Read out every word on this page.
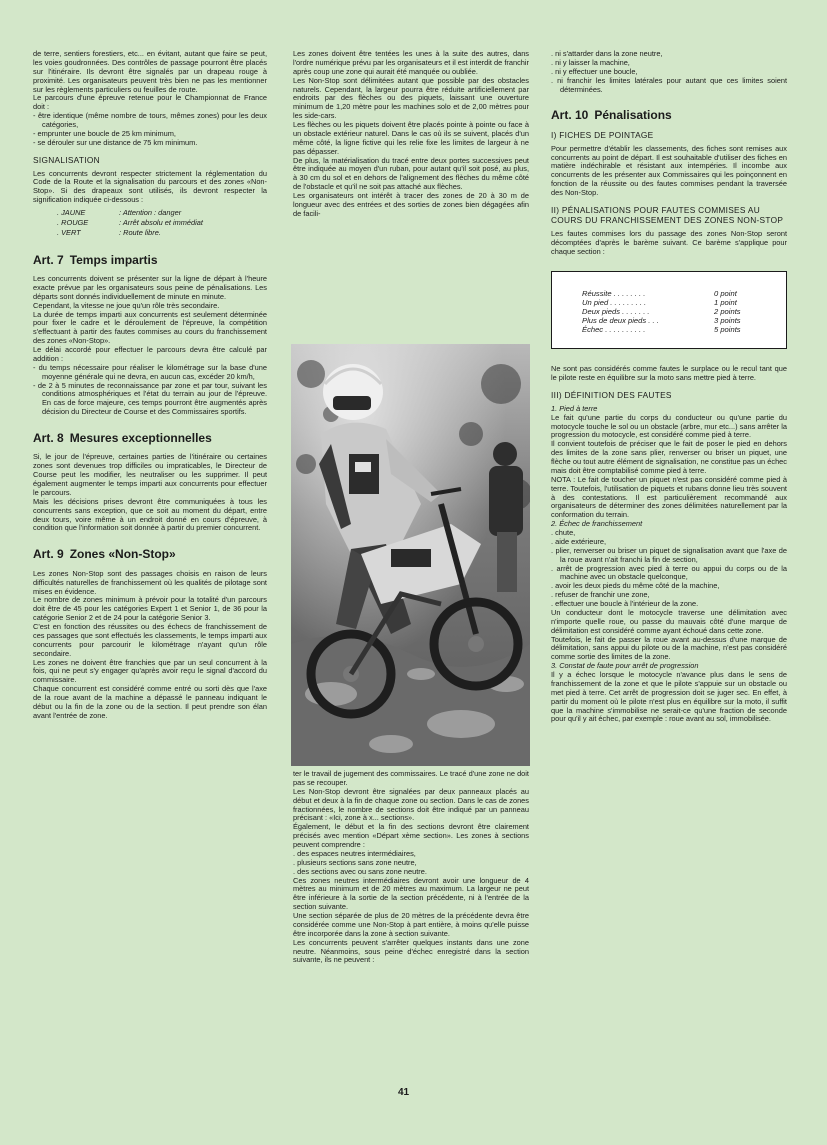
de terre, sentiers forestiers, etc... en évitant, autant que faire se peut, les voies goudronnées. Des contrôles de passage pourront être placés sur l'itinéraire. Ils devront être signalés par un drapeau rouge à proximité. Les organisateurs peuvent très bien ne pas les mentionner sur les règlements particuliers ou feuilles de route.

Le parcours d'une épreuve retenue pour le Championnat de France doit :

- être identique (même nombre de tours, mêmes zones) pour les deux catégories,
- emprunter une boucle de 25 km minimum,
- se dérouler sur une distance de 75 km minimum.
SIGNALISATION

Les concurrents devront respecter strictement la réglementation du Code de la Route et la signalisation du parcours et des zones «Non-Stop». Si des drapeaux sont utilisés, ils devront respecter la signification indiquée ci-dessous :

. JAUNE	: Attention : danger
. ROUGE	: Arrêt absolu et immédiat
. VERT	: Route libre.
Art. 7 Temps impartis

Les concurrents doivent se présenter sur la ligne de départ à l'heure exacte prévue par les organisateurs sous peine de pénalisations. Les départs sont donnés individuellement de minute en minute.

Cependant, la vitesse ne joue qu'un rôle très secondaire.

La durée de temps imparti aux concurrents est seulement déterminée pour fixer le cadre et le déroulement de l'épreuve, la compétition s'effectuant à partir des fautes commises au cours du franchissement des zones «Non-Stop».

Le délai accordé pour effectuer le parcours devra être calculé par addition :

- du temps nécessaire pour réaliser le kilométrage sur la base d'une moyenne générale qui ne devra, en aucun cas, excéder 20 km/h,
- de 2 à 5 minutes de reconnaissance par zone et par tour, suivant les conditions atmosphériques et l'état du terrain au jour de l'épreuve. En cas de force majeure, ces temps pourront être augmentés après décision du Directeur de Course et des Commissaires sportifs.
Art. 8 Mesures exceptionnelles

Si, le jour de l'épreuve, certaines parties de l'itinéraire ou certaines zones sont devenues trop difficiles ou impraticables, le Directeur de Course peut les modifier, les neutraliser ou les supprimer. Il peut également augmenter le temps imparti aux concurrents pour effectuer le parcours.

Mais les décisions prises devront être communiquées à tous les concurrents sans exception, que ce soit au moment du départ, entre deux tours, voire même à un endroit donné en cours d'épreuve, à condition que l'information soit donnée à partir du premier concurrent.

Art. 9 Zones «Non-Stop»

Les zones Non-Stop sont des passages choisis en raison de leurs difficultés naturelles de franchissement où les qualités de pilotage sont mises en évidence.

Le nombre de zones minimum à prévoir pour la totalité d'un parcours doit être de 45 pour les catégories Expert 1 et Senior 1, de 36 pour la catégorie Senior 2 et de 24 pour la catégorie Senior 3.

C'est en fonction des réussites ou des échecs de franchissement de ces passages que sont effectués les classements, le temps imparti aux concurrents pour parcourir le kilométrage n'ayant qu'un rôle secondaire.

Les zones ne doivent être franchies que par un seul concurrent à la fois, qui ne peut s'y engager qu'après avoir reçu le signal d'accord du commissaire.

Chaque concurrent est considéré comme entré ou sorti dès que l'axe de la roue avant de la machine a dépassé le panneau indiquant le début ou la fin de la zone ou de la section. Il peut prendre son élan avant l'entrée de zone.

Les zones doivent être tentées les unes à la suite des autres, dans l'ordre numérique prévu par les organisateurs et il est interdit de franchir après coup une zone qui aurait été manquée ou oubliée.

Les Non-Stop sont délimitées autant que possible par des obstacles naturels. Cependant, la largeur pourra être réduite artificiellement par endroits par des flèches ou des piquets, laissant une ouverture minimum de 1,20 mètre pour les machines solo et de 2,00 mètres pour les side-cars.

Les flèches ou les piquets doivent être placés pointe à pointe ou face à un obstacle extérieur naturel. Dans le cas où ils se suivent, placés d'un même côté, la ligne fictive qui les relie fixe les limites de largeur à ne pas dépasser.

De plus, la matérialisation du tracé entre deux portes successives peut être indiquée au moyen d'un ruban, pour autant qu'il soit posé, au plus, à 30 cm du sol et en dehors de l'alignement des flèches du même côté de l'obstacle et qu'il ne soit pas attaché aux flèches.

Les organisateurs ont intérêt à tracer des zones de 20 à 30 m de longueur avec des entrées et des sorties de zones bien dégagées afin de facili-

ter le travail de jugement des commissaires. Le tracé d'une zone ne doit pas se recouper.

Les Non-Stop devront être signalées par deux panneaux placés au début et deux à la fin de chaque zone ou section. Dans le cas de zones fractionnées, le nombre de sections doit être indiqué par un panneau précisant : «Ici, zone à x... sections».

Également, le début et la fin des sections devront être clairement précisés avec mention «Départ xème section». Les zones à sections peuvent comprendre :

. des espaces neutres intermédiaires,
. plusieurs sections sans zone neutre,
. des sections avec ou sans zone neutre.

Ces zones neutres intermédiaires devront avoir une longueur de 4 mètres au minimum et de 20 mètres au maximum. La largeur ne peut être inférieure à la sortie de la section précédente, ni à l'entrée de la section suivante.

Une section séparée de plus de 20 mètres de la précédente devra être considérée comme une Non-Stop à part entière, à moins qu'elle puisse être incorporée dans la zone à section suivante.

Les concurrents peuvent s'arrêter quelques instants dans une zone neutre. Néanmoins, sous peine d'échec enregistré dans la section suivante, ils ne peuvent :

. ni s'attarder dans la zone neutre,
. ni y laisser la machine,
. ni y effectuer une boucle,
. ni franchir les limites latérales pour autant que ces limites soient déterminées.
Art. 10 Pénalisations
I) FICHES DE POINTAGE

Pour permettre d'établir les classements, des fiches sont remises aux concurrents au point de départ. Il est souhaitable d'utiliser des fiches en matière indéchirable et résistant aux intempéries. Il incombe aux concurrents de les présenter aux Commissaires qui les poinçonnent en fonction de la réussite ou des fautes commises pendant la traversée des Non-Stop.

II) PÉNALISATIONS POUR FAUTES COMMISES AU COURS DU FRANCHISSEMENT DES ZONES NON-STOP

Les fautes commises lors du passage des zones Non-Stop seront décomptées d'après le barème suivant. Ce barème s'applique pour chaque section :

Réussite . . . . . . . .	0 point
Un pied . . . . . . . . .	1 point
Deux pieds . . . . . . .	2 points
Plus de deux pieds . . .	3 points
Échec . . . . . . . . . .	5 points

Ne sont pas considérés comme fautes le surplace ou le recul tant que le pilote reste en équilibre sur la moto sans mettre pied à terre.

III) DÉFINITION DES FAUTES

1. Pied à terre

Le fait qu'une partie du corps du conducteur ou qu'une partie du motocycle touche le sol ou un obstacle (arbre, mur etc...) sans arrêter la progression du motocycle, est considéré comme pied à terre.

Il convient toutefois de préciser que le fait de poser le pied en dehors des limites de la zone sans plier, renverser ou briser un piquet, une flèche ou tout autre élément de signalisation, ne constitue pas un échec mais doit être comptabilisé comme pied à terre.

NOTA : Le fait de toucher un piquet n'est pas considéré comme pied à terre. Toutefois, l'utilisation de piquets et rubans donne lieu très souvent à des contestations. Il est particulièrement recommandé aux organisateurs de déterminer des zones délimitées naturellement par la conformation du terrain.

2. Échec de franchissement

. chute,
. aide extérieure,
. plier, renverser ou briser un piquet de signalisation avant que l'axe de la roue avant n'ait franchi la fin de section,
. arrêt de progression avec pied à terre ou appui du corps ou de la machine avec un obstacle quelconque,
. avoir les deux pieds du même côté de la machine,
. refuser de franchir une zone,
. effectuer une boucle à l'intérieur de la zone.

Un conducteur dont le motocycle traverse une délimitation avec n'importe quelle roue, ou passe du mauvais côté d'une marque de délimitation est considéré comme ayant échoué dans cette zone.

Toutefois, le fait de passer la roue avant au-dessus d'une marque de délimitation, sans appui du pilote ou de la machine, n'est pas considéré comme sortie des limites de la zone.

3. Constat de faute pour arrêt de progression

Il y a échec lorsque le motocycle n'avance plus dans le sens de franchissement de la zone et que le pilote s'appuie sur un obstacle ou met pied à terre. Cet arrêt de progression doit se juger sec. En effet, à partir du moment où le pilote n'est plus en équilibre sur la moto, il suffit que la machine s'immobilise ne serait-ce qu'une fraction de seconde pour qu'il y ait échec, par exemple : roue avant au sol, immobilisée.

41
